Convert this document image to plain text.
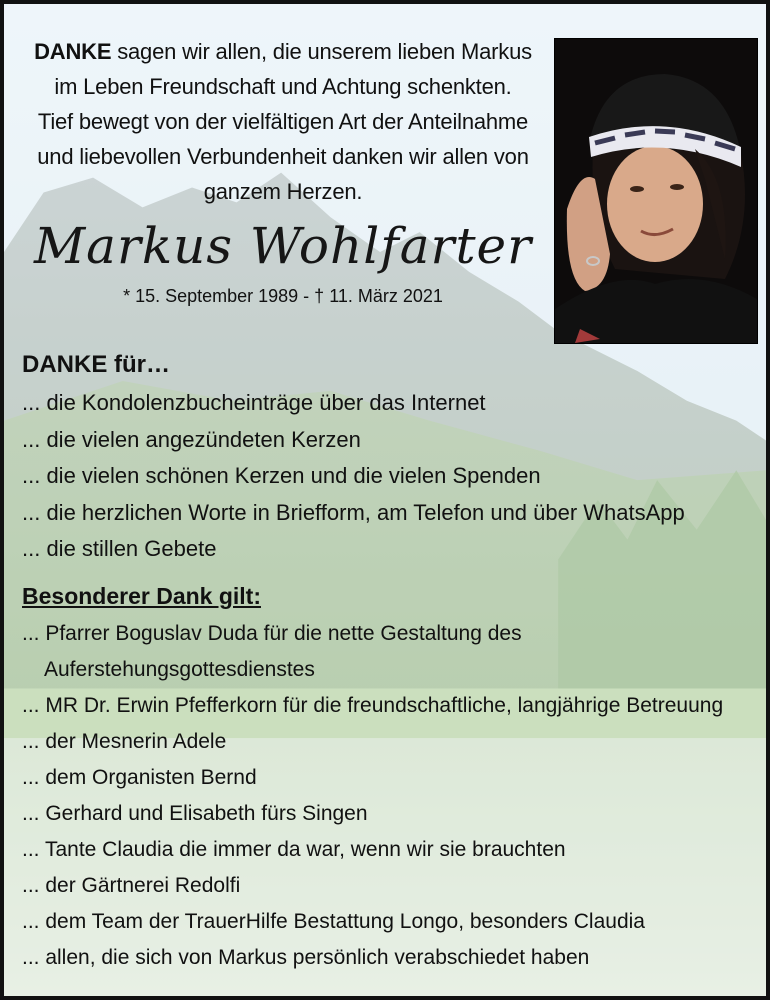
DANKE sagen wir allen, die unserem lieben Markus
im Leben Freundschaft und Achtung schenkten.
Tief bewegt von der vielfältigen Art der Anteilnahme
und liebevollen Verbundenheit danken wir allen von
ganzem Herzen.
Markus Wohlfarter
* 15. September 1989 - † 11. März 2021
DANKE für…
... die Kondolenzbucheinträge über das Internet
... die vielen angezündeten Kerzen
... die vielen schönen Kerzen und die vielen Spenden
... die herzlichen Worte in Briefform, am Telefon und über WhatsApp
... die stillen Gebete
Besonderer Dank gilt:
... Pfarrer Boguslav Duda für die nette Gestaltung des
Auferstehungsgottesdienstes
... MR Dr. Erwin Pfefferkorn für die freundschaftliche, langjährige Betreuung
... der Mesnerin Adele
... dem Organisten Bernd
... Gerhard und Elisabeth fürs Singen
... Tante Claudia die immer da war, wenn wir sie brauchten
... der Gärtnerei Redolfi
... dem Team der TrauerHilfe Bestattung Longo, besonders Claudia
... allen, die sich von Markus persönlich verabschiedet haben
